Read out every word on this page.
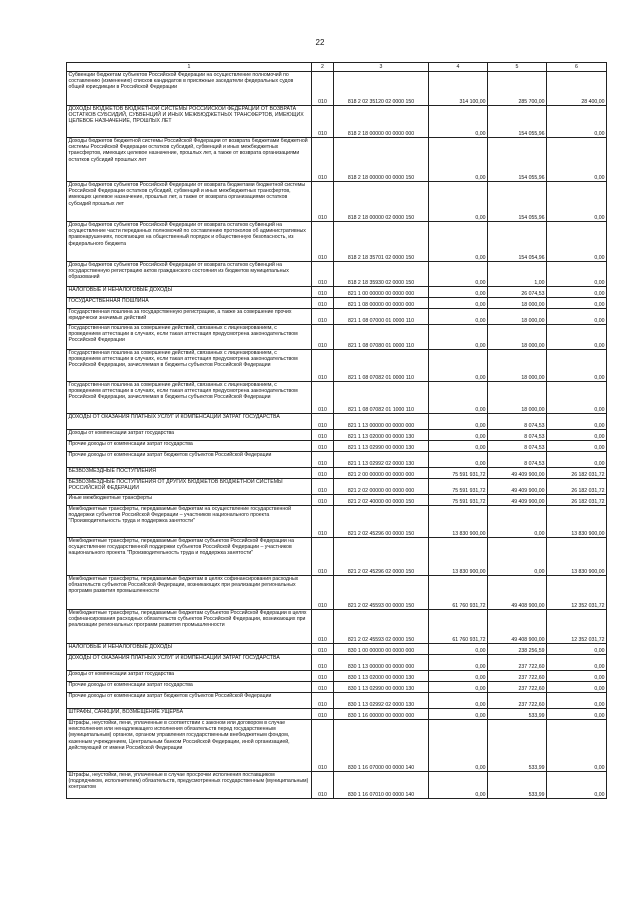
22
1	2	3	4	5	6
Субвенции бюджетам субъектов Российской Федерации на осуществление полномочий по составлению (изменению) списков кандидатов в присяжные заседатели федеральных судов общей юрисдикции в Российской Федерации	010	818 2 02 35120 02 0000 150	314 100,00	285 700,00	28 400,00
ДОХОДЫ БЮДЖЕТОВ БЮДЖЕТНОЙ СИСТЕМЫ РОССИЙСКОЙ ФЕДЕРАЦИИ ОТ ВОЗВРАТА ОСТАТКОВ СУБСИДИЙ, СУБВЕНЦИЙ И ИНЫХ МЕЖБЮДЖЕТНЫХ ТРАНСФЕРТОВ, ИМЕЮЩИХ ЦЕЛЕВОЕ НАЗНАЧЕНИЕ, ПРОШЛЫХ ЛЕТ	010	818 2 18 00000 00 0000 000	0,00	154 055,96	0,00
Доходы бюджетов бюджетной системы Российской Федерации от возврата бюджетами бюджетной системы Российской Федерации остатков субсидий, субвенций и иных межбюджетных трансфертов, имеющих целевое назначение, прошлых лет, а также от возврата организациями остатков субсидий прошлых лет	010	818 2 18 00000 00 0000 150	0,00	154 055,96	0,00
Доходы бюджетов субъектов Российской Федерации от возврата бюджетами бюджетной системы Российской Федерации остатков субсидий, субвенций и иных межбюджетных трансфертов, имеющих целевое назначение, прошлых лет, а также от возврата организациями остатков субсидий прошлых лет	010	818 2 18 00000 02 0000 150	0,00	154 055,96	0,00
Доходы бюджетов субъектов Российской Федерации от возврата остатков субвенций на осуществление части переданных полномочий по составлению протоколов об административных правонарушениях, посягающих на общественный порядок и общественную безопасность, из федерального бюджета	010	818 2 18 35701 02 0000 150	0,00	154 054,96	0,00
Доходы бюджетов субъектов Российской Федерации от возврата остатков субвенций на государственную регистрацию актов гражданского состояния из бюджетов муниципальных образований	010	818 2 18 35930 02 0000 150	0,00	1,00	0,00
НАЛОГОВЫЕ И НЕНАЛОГОВЫЕ ДОХОДЫ	010	821 1 00 00000 00 0000 000	0,00	26 074,53	0,00
ГОСУДАРСТВЕННАЯ ПОШЛИНА	010	821 1 08 00000 00 0000 000	0,00	18 000,00	0,00
Государственная пошлина за государственную регистрацию, а также за совершение прочих юридически значимых действий	010	821 1 08 07000 01 0000 110	0,00	18 000,00	0,00
Государственная пошлина за совершение действий, связанных с лицензированием, с проведением аттестации в случаях, если такая аттестация предусмотрена законодательством Российской Федерации	010	821 1 08 07080 01 0000 110	0,00	18 000,00	0,00
Государственная пошлина за совершение действий, связанных с лицензированием, с проведением аттестации в случаях, если такая аттестация предусмотрена законодательством Российской Федерации, зачисляемая в бюджеты субъектов Российской Федерации	010	821 1 08 07082 01 0000 110	0,00	18 000,00	0,00
Государственная пошлина за совершение действий, связанных с лицензированием, с проведением аттестации в случаях, если такая аттестация предусмотрена законодательством Российской Федерации, зачисляемая в бюджеты субъектов Российской Федерации	010	821 1 08 07082 01 1000 110	0,00	18 000,00	0,00
ДОХОДЫ ОТ ОКАЗАНИЯ ПЛАТНЫХ УСЛУГ И КОМПЕНСАЦИИ ЗАТРАТ ГОСУДАРСТВА	010	821 1 13 00000 00 0000 000	0,00	8 074,53	0,00
Доходы от компенсации затрат государства	010	821 1 13 02000 00 0000 130	0,00	8 074,53	0,00
Прочие доходы от компенсации затрат государства	010	821 1 13 02990 00 0000 130	0,00	8 074,53	0,00
Прочие доходы от компенсации затрат бюджетов субъектов Российской Федерации	010	821 1 13 02992 02 0000 130	0,00	8 074,53	0,00
БЕЗВОЗМЕЗДНЫЕ ПОСТУПЛЕНИЯ	010	821 2 00 00000 00 0000 000	75 591 931,72	49 409 900,00	26 182 031,72
БЕЗВОЗМЕЗДНЫЕ ПОСТУПЛЕНИЯ ОТ ДРУГИХ БЮДЖЕТОВ БЮДЖЕТНОЙ СИСТЕМЫ РОССИЙСКОЙ ФЕДЕРАЦИИ	010	821 2 02 00000 00 0000 000	75 591 931,72	49 409 900,00	26 182 031,72
Иные межбюджетные трансферты	010	821 2 02 40000 00 0000 150	75 591 931,72	49 409 900,00	26 182 031,72
Межбюджетные трансферты, передаваемые бюджетам на осуществление государственной поддержки субъектов Российской Федерации – участников национального проекта "Производительность труда и поддержка занятости"	010	821 2 02 45296 00 0000 150	13 830 900,00	0,00	13 830 900,00
Межбюджетные трансферты, передаваемые бюджетам субъектов Российской Федерации на осуществление государственной поддержки субъектов Российской Федерации – участников национального проекта "Производительность труда и поддержка занятости"	010	821 2 02 45296 02 0000 150	13 830 900,00	0,00	13 830 900,00
Межбюджетные трансферты, передаваемые бюджетам в целях софинансирования расходных обязательств субъектов Российской Федерации, возникающих при реализации региональных программ развития промышленности	010	821 2 02 45593 00 0000 150	61 760 931,72	49 408 900,00	12 352 031,72
Межбюджетные трансферты, передаваемые бюджетам субъектов Российской Федерации в целях софинансирования расходных обязательств субъектов Российской Федерации, возникающих при реализации региональных программ развития промышленности	010	821 2 02 45593 02 0000 150	61 760 931,72	49 408 900,00	12 352 031,72
НАЛОГОВЫЕ И НЕНАЛОГОВЫЕ ДОХОДЫ	010	830 1 00 00000 00 0000 000	0,00	238 256,59	0,00
ДОХОДЫ ОТ ОКАЗАНИЯ ПЛАТНЫХ УСЛУГ И КОМПЕНСАЦИИ ЗАТРАТ ГОСУДАРСТВА	010	830 1 13 00000 00 0000 000	0,00	237 722,60	0,00
Доходы от компенсации затрат государства	010	830 1 13 02000 00 0000 130	0,00	237 722,60	0,00
Прочие доходы от компенсации затрат государства	010	830 1 13 02990 00 0000 130	0,00	237 722,60	0,00
Прочие доходы от компенсации затрат бюджетов субъектов Российской Федерации	010	830 1 13 02992 02 0000 130	0,00	237 722,60	0,00
ШТРАФЫ, САНКЦИИ, ВОЗМЕЩЕНИЕ УЩЕРБА	010	830 1 16 00000 00 0000 000	0,00	533,99	0,00
Штрафы, неустойки, пени, уплаченные в соответствии с законом или договором в случае неисполнения или ненадлежащего исполнения обязательств перед государственным (муниципальным) органом, органом управления государственным внебюджетным фондом, казенным учреждением, Центральным банком Российской Федерации, иной организацией, действующей от имени Российской Федерации	010	830 1 16 07000 00 0000 140	0,00	533,99	0,00
Штрафы, неустойки, пени, уплаченные в случае просрочки исполнения поставщиком (подрядчиком, исполнителем) обязательств, предусмотренных государственным (муниципальным) контрактом	010	830 1 16 07010 00 0000 140	0,00	533,99	0,00
